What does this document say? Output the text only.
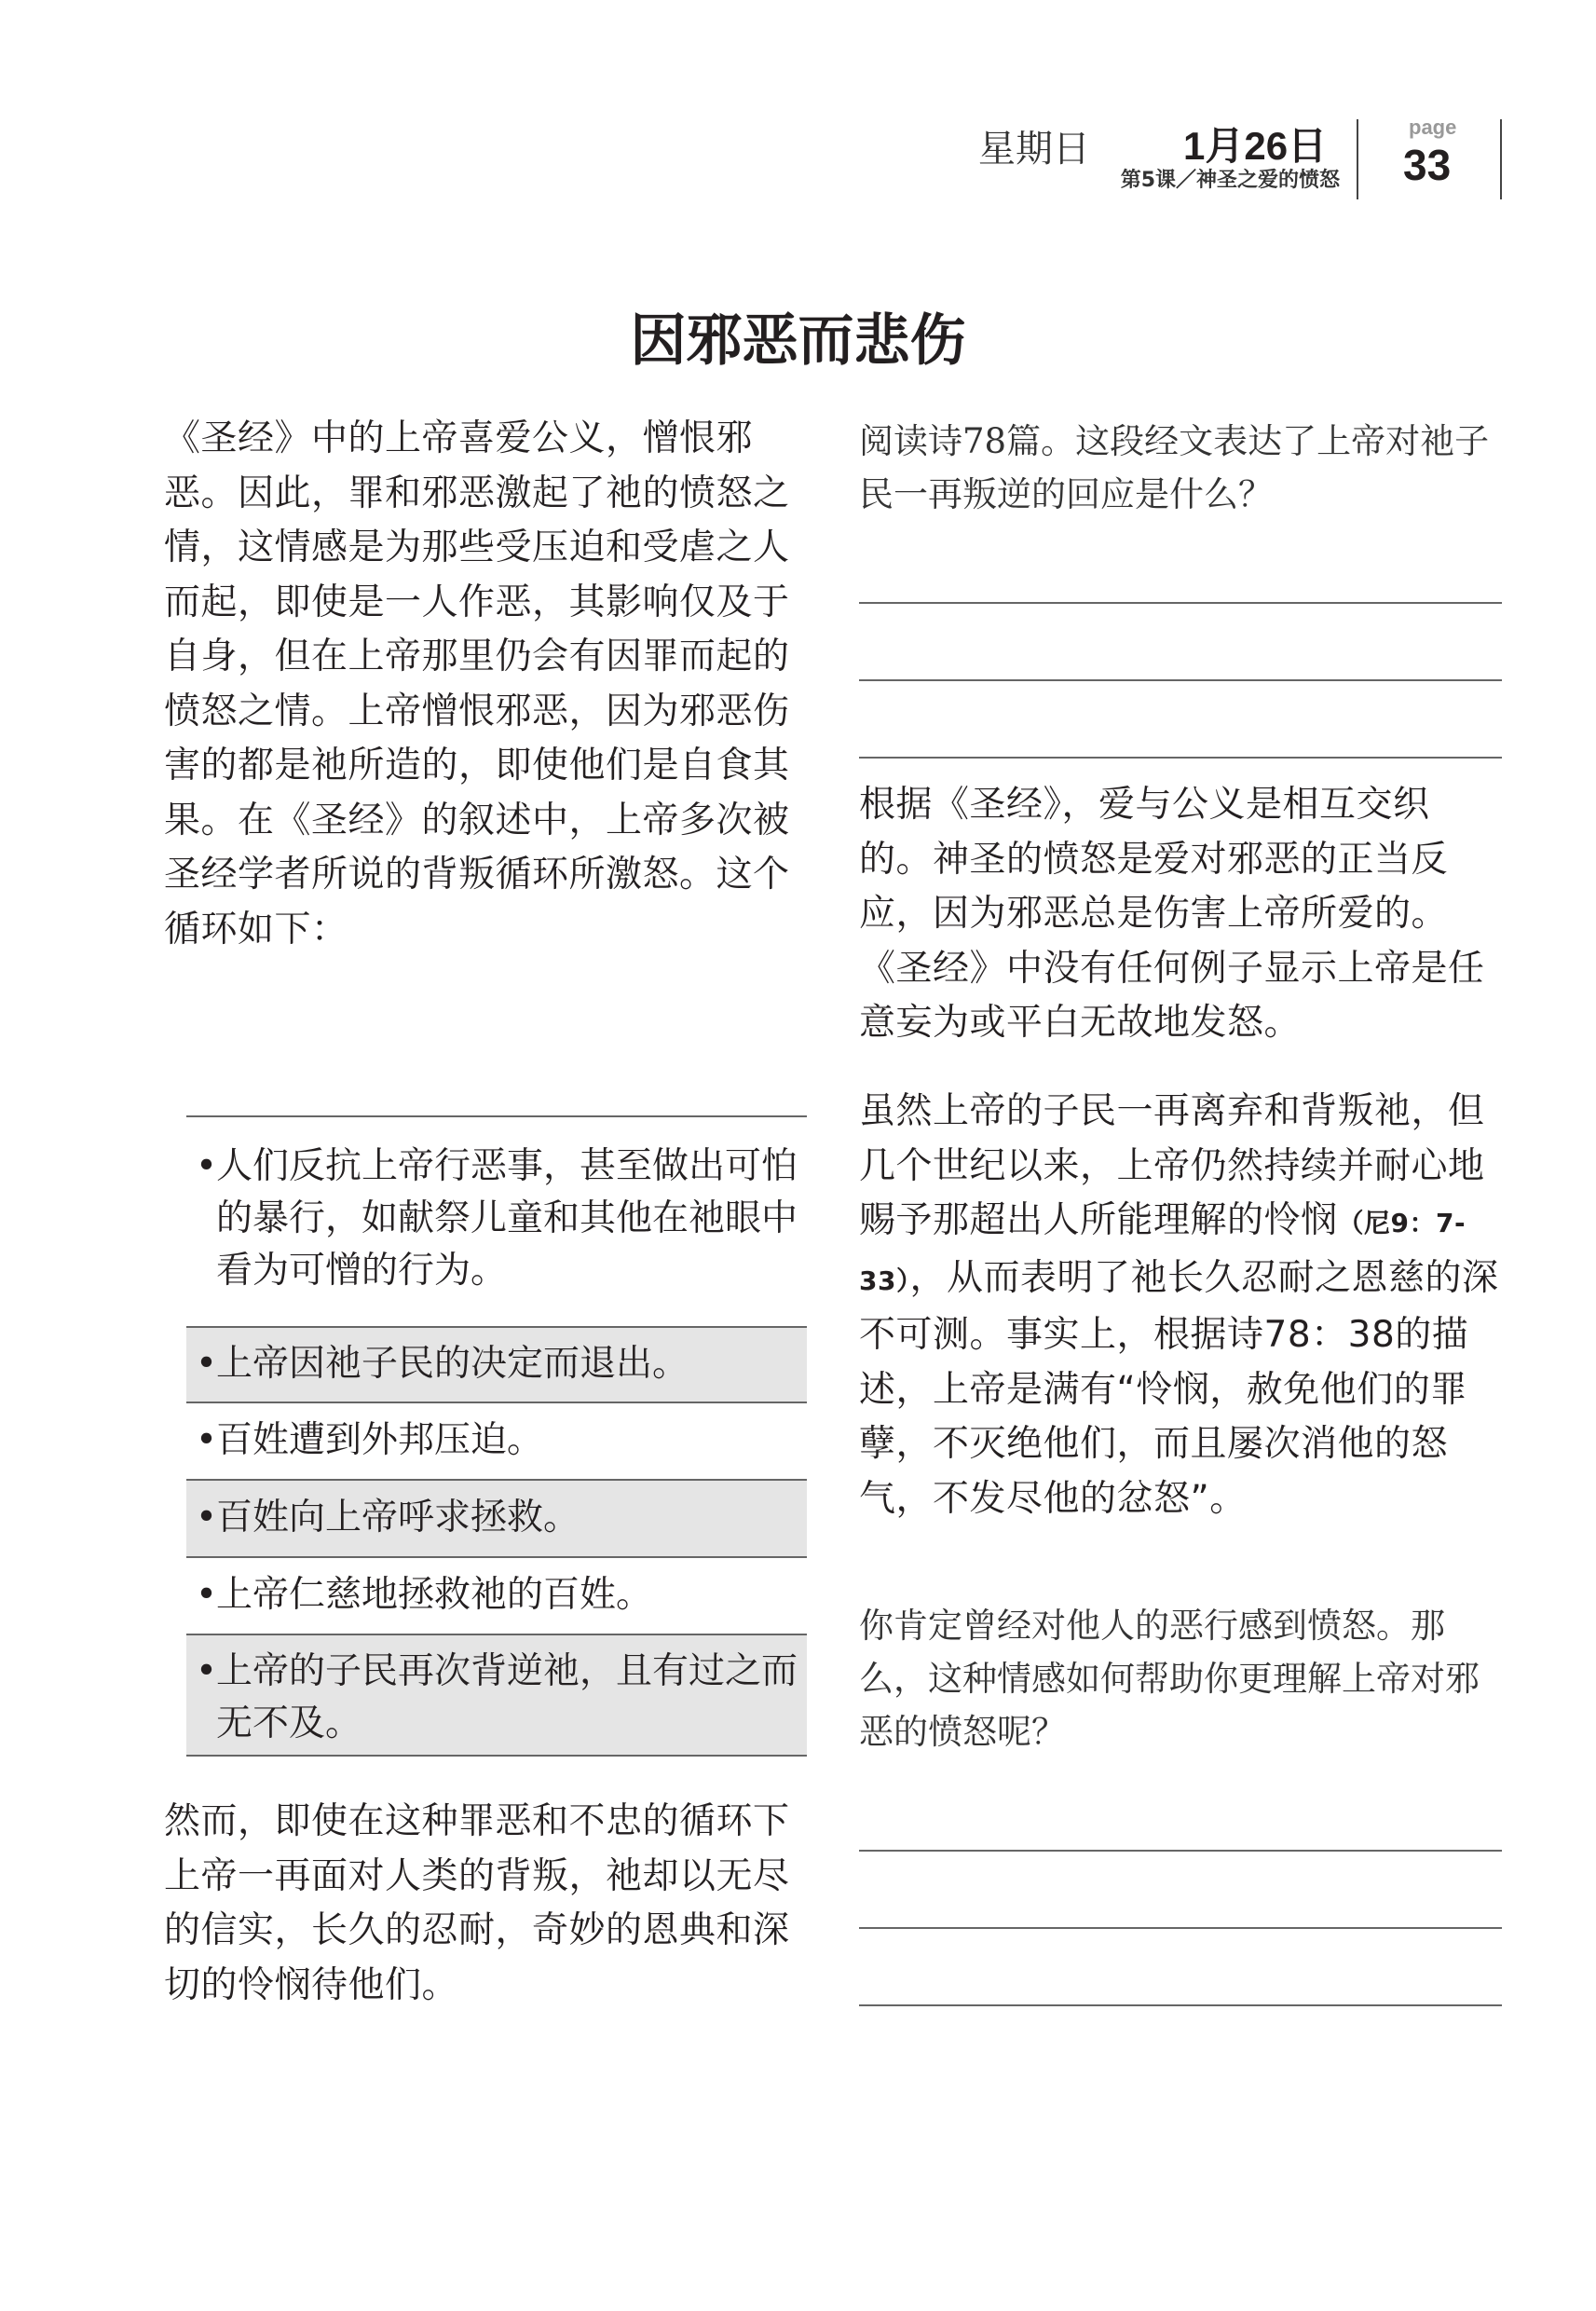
星期日 1月26日
第5课／神圣之爱的愤怒
page
33
因邪恶而悲伤

《圣经》中的上帝喜爱公义，憎恨邪恶。因此，罪和邪恶激起了祂的愤怒之情，这情感是为那些受压迫和受虐之人而起，即使是一人作恶，其影响仅及于自身，但在上帝那里仍会有因罪而起的愤怒之情。上帝憎恨邪恶，因为邪恶伤害的都是祂所造的，即使他们是自食其果。在《圣经》的叙述中，上帝多次被圣经学者所说的背叛循环所激怒。这个循环如下：

•
人们反抗上帝行恶事，甚至做出可怕的暴行，如献祭儿童和其他在祂眼中看为可憎的行为。
•
上帝因祂子民的决定而退出。
•
百姓遭到外邦压迫。
•
百姓向上帝呼求拯救。
•
上帝仁慈地拯救祂的百姓。
•
上帝的子民再次背逆祂，且有过之而无不及。

然而，即使在这种罪恶和不忠的循环下上帝一再面对人类的背叛，祂却以无尽的信实，长久的忍耐，奇妙的恩典和深切的怜悯待他们。

阅读诗78篇。这段经文表达了上帝对祂子民一再叛逆的回应是什么？

根据《圣经》，爱与公义是相互交织的。神圣的愤怒是爱对邪恶的正当反应，因为邪恶总是伤害上帝所爱的。《圣经》中没有任何例子显示上帝是任意妄为或平白无故地发怒。

虽然上帝的子民一再离弃和背叛祂，但几个世纪以来，上帝仍然持续并耐心地赐予那超出人所能理解的怜悯（尼9：7-33），从而表明了祂长久忍耐之恩慈的深不可测。事实上，根据诗78：38的描述，上帝是满有“怜悯，赦免他们的罪孽，不灭绝他们，而且屡次消他的怒气，不发尽他的忿怒”。

你肯定曾经对他人的恶行感到愤怒。那么，这种情感如何帮助你更理解上帝对邪恶的愤怒呢？
